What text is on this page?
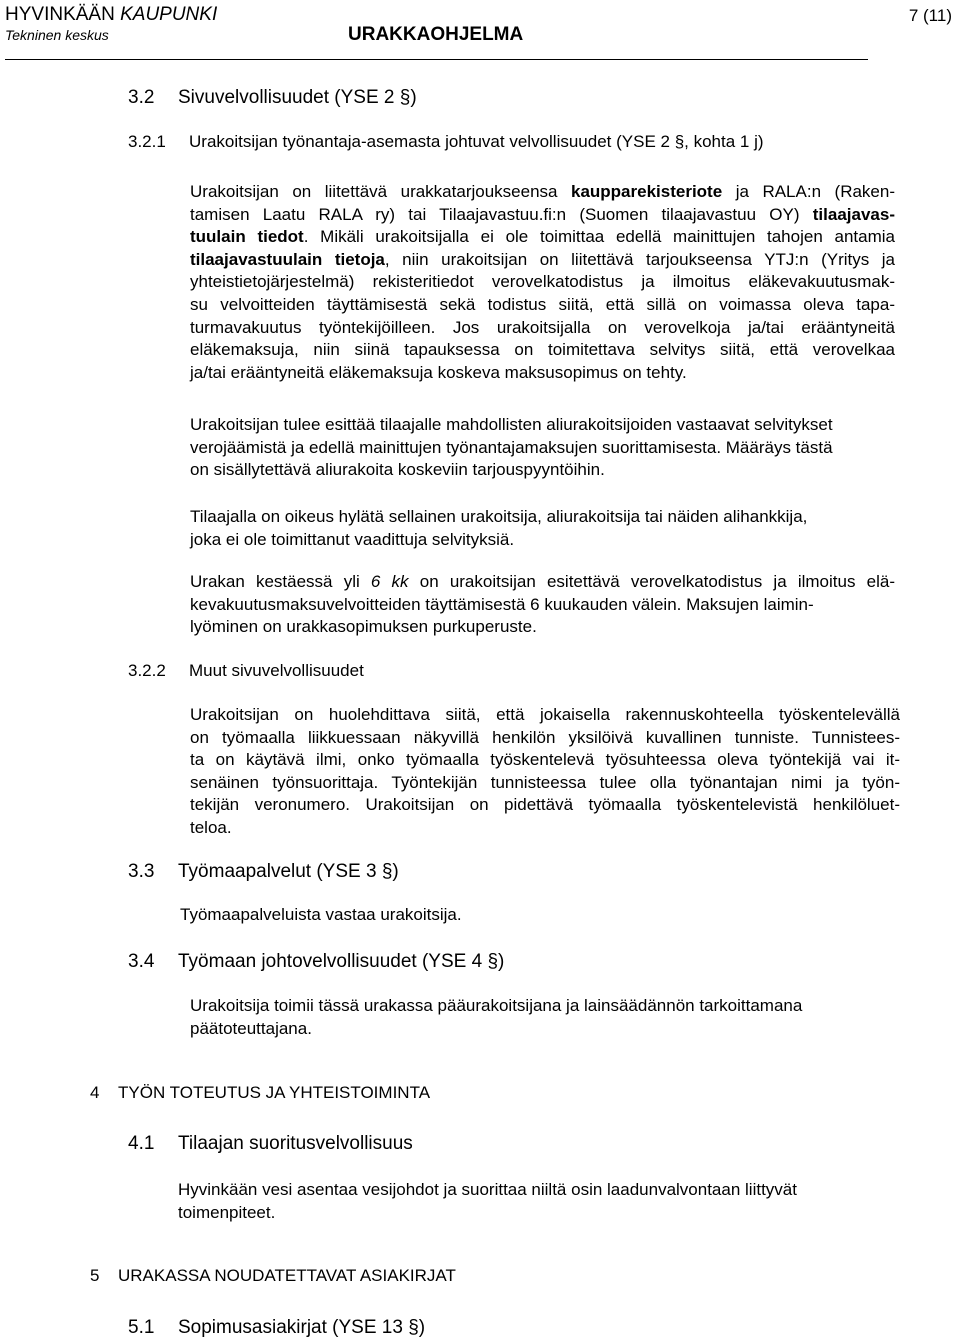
HYVINKÄÄN KAUPUNKI
Tekninen keskus	URAKKAOHJELMA
7 (11)
3.2 Sivuvelvollisuudet (YSE 2 §)
3.2.1 Urakoitsijan työnantaja-asemasta johtuvat velvollisuudet (YSE 2 §, kohta 1 j)
Urakoitsijan on liitettävä urakkatarjoukseensa kaupparekisteriote ja RALA:n (Raken-
tamisen Laatu RALA ry) tai Tilaajavastuu.fi:n (Suomen tilaajavastuu OY) tilaajavas-
tuulain tiedot. Mikäli urakoitsijalla ei ole toimittaa edellä mainittujen tahojen antamia
tilaajavastuulain tietoja, niin urakoitsijan on liitettävä tarjoukseensa YTJ:n (Yritys ja
yhteistietojärjestelmä) rekisteritiedot verovelkatodistus ja ilmoitus eläkevakuutusmak-
su velvoitteiden täyttämisestä sekä todistus siitä, että sillä on voimassa oleva tapa-
turmavakuutus työntekijöilleen. Jos urakoitsijalla on verovelkoja ja/tai erääntyneitä
eläkemaksuja, niin siinä tapauksessa on toimitettava selvitys siitä, että verovelkaa
ja/tai erääntyneitä eläkemaksuja koskeva maksusopimus on tehty.
Urakoitsijan tulee esittää tilaajalle mahdollisten aliurakoitsijoiden vastaavat selvitykset
verojäämistä ja edellä mainittujen työnantajamaksujen suorittamisesta. Määräys tästä
on sisällytettävä aliurakoita koskeviin tarjouspyyntöihin.
Tilaajalla on oikeus hylätä sellainen urakoitsija, aliurakoitsija tai näiden alihankkija,
joka ei ole toimittanut vaadittuja selvityksiä.
Urakan kestäessä yli 6 kk on urakoitsijan esitettävä verovelkatodistus ja ilmoitus elä-
kevakuutusmaksuvelvoitteiden täyttämisestä 6 kuukauden välein. Maksujen laimin-
lyöminen on urakkasopimuksen purkuperuste.
3.2.2 Muut sivuvelvollisuudet
Urakoitsijan on huolehdittava siitä, että jokaisella rakennuskohteella työskentelevällä
on työmaalla liikkuessaan näkyvillä henkilön yksilöivä kuvallinen tunniste. Tunnistees-
ta on käytävä ilmi, onko työmaalla työskentelevä työsuhteessa oleva työntekijä vai it-
senäinen työnsuorittaja. Työntekijän tunnisteessa tulee olla työnantajan nimi ja työn-
tekijän veronumero. Urakoitsijan on pidettävä työmaalla työskentelevistä henkilöluet-
teloa.
3.3 Työmaapalvelut (YSE 3 §)
Työmaapalveluista vastaa urakoitsija.
3.4 Työmaan johtovelvollisuudet (YSE 4 §)
Urakoitsija toimii tässä urakassa pääurakoitsijana ja lainsäädännön tarkoittamana
päätoteuttajana.
4 TYÖN TOTEUTUS JA YHTEISTOIMINTA
4.1 Tilaajan suoritusvelvollisuus
Hyvinkään vesi asentaa vesijohdot ja suorittaa niiltä osin laadunvalvontaan liittyvät
toimenpiteet.
5 URAKASSA NOUDATETTAVAT ASIAKIRJAT
5.1 Sopimusasiakirjat (YSE 13 §)
